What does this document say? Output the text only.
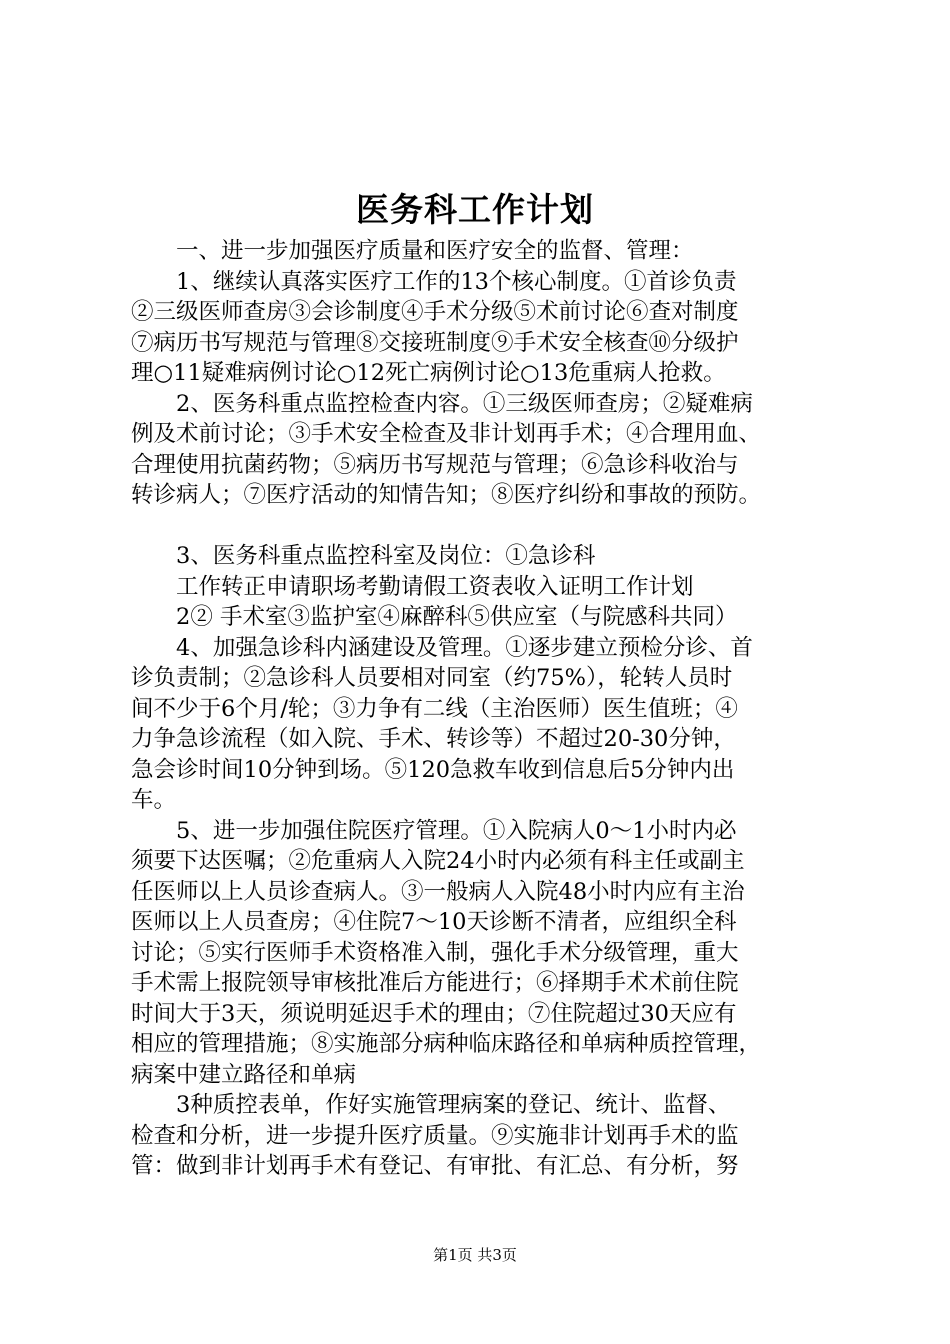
医务科工作计划
　　一、进一步加强医疗质量和医疗安全的监督、管理：
　　1、继续认真落实医疗工作的13个核心制度。①首诊负责
②三级医师查房③会诊制度④手术分级⑤术前讨论⑥查对制度
⑦病历书写规范与管理⑧交接班制度⑨手术安全核查⑩分级护
理○11疑难病例讨论○12死亡病例讨论○13危重病人抢救。
　　2、医务科重点监控检查内容。①三级医师查房；②疑难病
例及术前讨论；③手术安全检查及非计划再手术；④合理用血、
合理使用抗菌药物；⑤病历书写规范与管理；⑥急诊科收治与
转诊病人；⑦医疗活动的知情告知；⑧医疗纠纷和事故的预防。
　　3、医务科重点监控科室及岗位：①急诊科
　　工作转正申请职场考勤请假工资表收入证明工作计划
　　2② 手术室③监护室④麻醉科⑤供应室（与院感科共同）
　　4、加强急诊科内涵建设及管理。①逐步建立预检分诊、首
诊负责制；②急诊科人员要相对同室（约75%），轮转人员时
间不少于6个月/轮；③力争有二线（主治医师）医生值班；④
力争急诊流程（如入院、手术、转诊等）不超过20-30分钟，
急会诊时间10分钟到场。⑤120急救车收到信息后5分钟内出
车。
　　5、进一步加强住院医疗管理。①入院病人0～1小时内必
须要下达医嘱；②危重病人入院24小时内必须有科主任或副主
任医师以上人员诊查病人。③一般病人入院48小时内应有主治
医师以上人员查房；④住院7～10天诊断不清者，应组织全科
讨论；⑤实行医师手术资格准入制，强化手术分级管理，重大
手术需上报院领导审核批准后方能进行；⑥择期手术术前住院
时间大于3天，须说明延迟手术的理由；⑦住院超过30天应有
相应的管理措施；⑧实施部分病种临床路径和单病种质控管理，
病案中建立路径和单病
　　3种质控表单，作好实施管理病案的登记、统计、监督、
检查和分析，进一步提升医疗质量。⑨实施非计划再手术的监
管：做到非计划再手术有登记、有审批、有汇总、有分析，努
第1页 共3页
